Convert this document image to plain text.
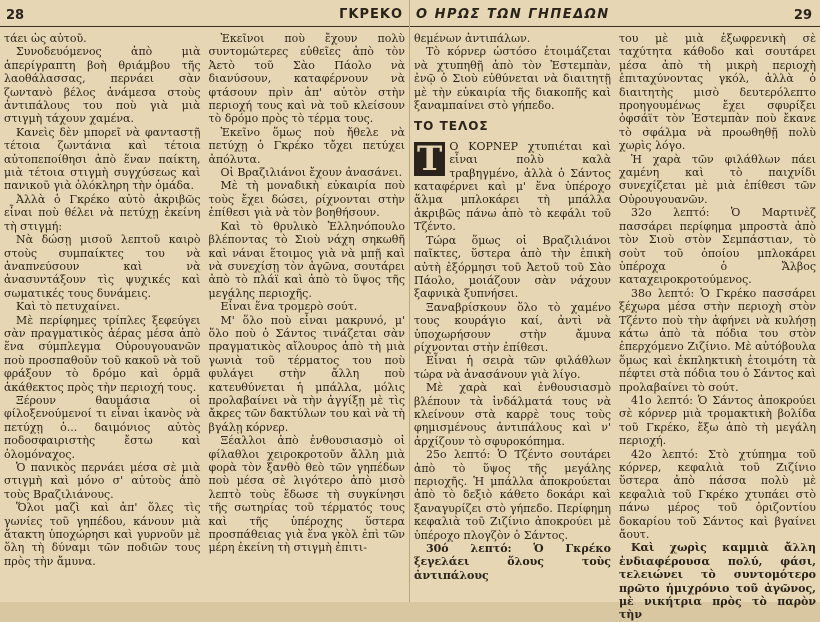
28	ΓΚΡΕΚΟ

τάει ὡς αὐτοῦ.

Συνοδευόμενος ἀπὸ μιὰ ἀπερίγραπτη βοὴ θριάμβου τῆς λαοθάλασσας, περνάει σὰν ζωντανὸ βέλος ἀνάμεσα στοὺς ἀντιπάλους του ποὺ γιὰ μιὰ στιγμὴ τάχουν χαμένα.

Κανεὶς δὲν μπορεῖ νὰ φανταστῇ τέτοια ζωντάνια καὶ τέτοια αὐτοπεποίθησι ἀπὸ ἕναν παίκτη, μιὰ τέτοια στιγμὴ συγχύσεως καὶ πανικοῦ γιὰ ὁλόκληρη τὴν ὁμάδα.

Ἀλλὰ ὁ Γκρέκο αὐτὸ ἀκριβῶς εἶναι ποὺ θέλει νὰ πετύχῃ ἐκείνη τὴ στιγμή:

Νὰ δώσῃ μισοῦ λεπτοῦ καιρὸ στοὺς συμπαίκτες του νὰ ἀναπνεύσουν καὶ νὰ ἀνασυντάξουν τὶς ψυχικές καὶ σωματικές τους δυνάμεις.

Καὶ τὸ πετυχαίνει.

Μὲ περίφημες τρίπλες ξεφεύγει σὰν πραγματικὸς ἀέρας μέσα ἀπὸ ἕνα σύμπλεγμα Οὐρουγουανῶν ποὺ προσπαθοῦν τοῦ κακοῦ νὰ τοῦ φράξουν τὸ δρόμο καὶ ὁρμᾶ ἀκάθεκτος πρὸς τὴν περιοχή τους.

Ξέρουν θαυμάσια οἱ φίλοξενούμενοί τι εἶναι ἱκανὸς νὰ πετύχῃ ὁ... δαιμόνιος αὐτὸς ποδοσφαιριστὴς ἔστω καὶ ὁλομόναχος.

Ὁ πανικὸς περνάει μέσα σὲ μιὰ στιγμὴ καὶ μόνο σ' αὐτοὺς ἀπὸ τοὺς Βραζιλιάνους.

Ὅλοι μαζὶ καὶ ἀπ' ὅλες τὶς γωνίες τοῦ γηπέδου, κάνουν μιὰ ἄτακτη ὑποχώρησι καὶ γυρνοῦν μὲ ὅλη τὴ δύναμι τῶν ποδιῶν τους πρὸς τὴν ἄμυνα.

Ἐκεῖνοι ποὺ ἔχουν πολὺ συντομώτερες εὐθεῖες ἀπὸ τὸν Ἀετὸ τοῦ Σὰο Πάολο νὰ διανύσουν, καταφέρνουν νὰ φτάσουν πρὶν ἀπ' αὐτὸν στὴν περιοχή τους καὶ νὰ τοῦ κλείσουν τὸ δρόμο πρὸς τὸ τέρμα τους.

Ἐκεῖνο ὅμως ποὺ ἤθελε νὰ πετύχῃ ὁ Γκρέκο τὄχει πετύχει ἀπόλυτα.

Οἱ Βραζιλιάνοι ἔχουν ἀνασάνει.

Μὲ τὴ μοναδικὴ εὐκαιρία ποὺ τοὺς ἔχει δώσει, ρίχνονται στὴν ἐπίθεσι γιὰ νὰ τὸν βοηθήσουν.

Καὶ τὸ θρυλικὸ Ἑλληνόπουλο βλέποντας τὸ Σιοὺ νάχη σηκωθῆ καὶ νάναι ἕτοιμος γιὰ νὰ μπῇ καὶ νὰ συνεχίσῃ τὸν ἀγῶνα, σουτάρει ἀπὸ τὸ πλάϊ καὶ ἀπὸ τὸ ὕψος τῆς μεγάλης περιοχῆς.

Εἶναι ἕνα τρομερὸ σούτ.

Μ' ὅλο ποὺ εἶναι μακρυνό, μ' ὅλο ποὺ ὁ Σάντος τινάζεται σὰν πραγματικὸς αἴλουρος ἀπὸ τὴ μιὰ γωνιὰ τοῦ τέρματος του ποὺ φυλάγει στὴν ἄλλη ποὺ κατευθύνεται ἡ μπάλλα, μόλις προλαβαίνει νὰ τὴν ἀγγίξῃ μὲ τὶς ἄκρες τῶν δακτύλων του καὶ νὰ τὴ βγάλῃ κόρνερ.

Ξέαλλοι ἀπὸ ἐνθουσιασμὸ οἱ φίλαθλοι χειροκροτοῦν ἄλλη μιὰ φορὰ τὸν ξανθὸ θεὸ τῶν γηπέδων ποὺ μέσα σὲ λιγότερο ἀπὸ μισὸ λεπτὸ τοὺς ἔδωσε τὴ συγκίνησι τῆς σωτηρίας τοῦ τέρματός τους καὶ τῆς ὑπέροχης ὕστερα προσπάθειας γιὰ ἕνα γκὸλ ἐπὶ τῶν μέρη ἐκείνη τὴ στιγμὴ ἐπιτι-

Ο ΗΡΩΣ ΤΩΝ ΓΗΠΕΔΩΝ	29

θεμένων ἀντιπάλων.

Τὸ κόρνερ ὡστόσο ἑτοιμάζεται νὰ χτυπηθῇ ἀπὸ τὸν Ἐστεμπὰν, ἐνῷ ὁ Σιοὺ εὐθύνεται νὰ διαιτητῇ μὲ τὴν εὐκαιρία τῆς διακοπῆς καὶ ξαναμπαίνει στὸ γήπεδο.

ΤΟ ΤΕΛΟΣ

Τ Ο ΚΟΡΝΕΡ χτυπιέται καὶ εἶναι πολὺ καλὰ τραβηγμένο, ἀλλὰ ὁ Σάντος καταφέρνει καὶ μ' ἕνα ὑπέροχο ἅλμα μπλοκάρει τὴ μπάλλα ἀκριβῶς πάνω ἀπὸ τὸ κεφάλι τοῦ Τζέντο.

Τώρα ὅμως οἱ Βραζιλιάνοι παῖκτες, ὕστερα ἀπὸ τὴν ἐπικὴ αὐτὴ ἐξόρμησι τοῦ Ἀετοῦ τοῦ Σὰο Πάολο, μοιάζουν σὰν νάχουν ξαφνικὰ ξυπνήσει.

Ξαναβρίσκουν ὅλο τὸ χαμένο τους κουράγιο καί, ἀντὶ νὰ ὑποχωρήσουν στὴν ἄμυνα ρίχνονται στὴν ἐπίθεσι.

Εἶναι ἡ σειρὰ τῶν φιλάθλων τώρα νὰ ἀνασάνουν γιὰ λίγο.

Μὲ χαρὰ καὶ ἐνθουσιασμὸ βλέπουν τὰ ἰνδάλματά τους νὰ κλείνουν στὰ καρρὲ τους τοὺς φημισμένους ἀντιπάλους καὶ ν' ἀρχίζουν τὸ σφυροκόπημα.

25ο λεπτό: Ὁ Τζέντο σουτάρει ἀπὸ τὸ ὕψος τῆς μεγάλης περιοχῆς. Ἡ μπάλλα ἀποκρούεται ἀπὸ τὸ δεξιὸ κάθετο δοκάρι καὶ ξαναγυρίζει στὸ γήπεδο. Περίφημη κεφαλιὰ τοῦ Ζιζίνιο ἀποκρούει μὲ ὑπέροχο πλογζὸν ὁ Σάντος.

30ό λεπτό: Ὁ Γκρέκο ξεγελάει ὅλους τοὺς ἀντιπάλους

του μὲ μιὰ ἐξωφρενικὴ σὲ ταχύτητα κάθοδο καὶ σουτάρει μέσα ἀπὸ τὴ μικρὴ περιοχὴ ἐπιταχύνοντας γκόλ, ἀλλὰ ὁ διαιτητὴς μισὸ δευτερόλεπτο προηγουμένως ἔχει σφυρίξει ὀφσάϊτ τὸν Ἐστεμπὰν ποὺ ἔκανε τὸ σφάλμα νὰ προωθηθῇ πολὺ χωρὶς λόγο.

Ἡ χαρὰ τῶν φιλάθλων πάει χαμένη καὶ τὸ παιχνίδι συνεχίζεται μὲ μιὰ ἐπίθεσι τῶν Οὐρουγουανῶν.

32ο λεπτό: Ὁ Μαρτινὲζ πασσάρει περίφημα μπροστὰ ἀπὸ τὸν Σιοὺ στὸν Σεμπάστιαν, τὸ σοὺτ τοῦ ὁποίου μπλοκάρει ὑπέροχα ὁ Ἄλβος καταχειροκροτούμενος.

38ο λεπτό: Ὁ Γκρέκο πασσάρει ξέχωρα μέσα στὴν περιοχὴ στὸν Τζέντο ποὺ τὴν ἀφήνει νὰ κυλήσῃ κάτω ἀπὸ τὰ πόδια του στὸν ἐπερχόμενο Ζιζίνιο. Μὲ αὐτόβουλα ὅμως καὶ ἐκπληκτικὴ ἑτοιμότη τὰ πέφτει στὰ πόδια του ὁ Σάντος καὶ προλαβαίνει τὸ σούτ.

41ο λεπτό: Ὁ Σάντος ἀποκρούει σὲ κόρνερ μιὰ τρομακτικὴ βολίδα τοῦ Γκρέκο, ἔξω ἀπὸ τὴ μεγάλη περιοχή.

42ο λεπτό: Στὸ χτύπημα τοῦ κόρνερ, κεφαλιὰ τοῦ Ζιζίνιο ὕστερα ἀπὸ πάσσα πολὺ μὲ κεφαλιὰ τοῦ Γκρέκο χτυπάει στὸ πάνω μέρος τοῦ ὁριζοντίου δοκαρίου τοῦ Σάντος καὶ βγαίνει ἄουτ.

Καὶ χωρὶς καμμιὰ ἄλλη ἐνδιαφέρουσα πολύ, φάσι, τελειώνει τὸ συντομότερο πρῶτο ἡμιχρόνιο τοῦ ἀγῶνος, μὲ νικήτρια πρὸς τὸ παρὸν τὴν
